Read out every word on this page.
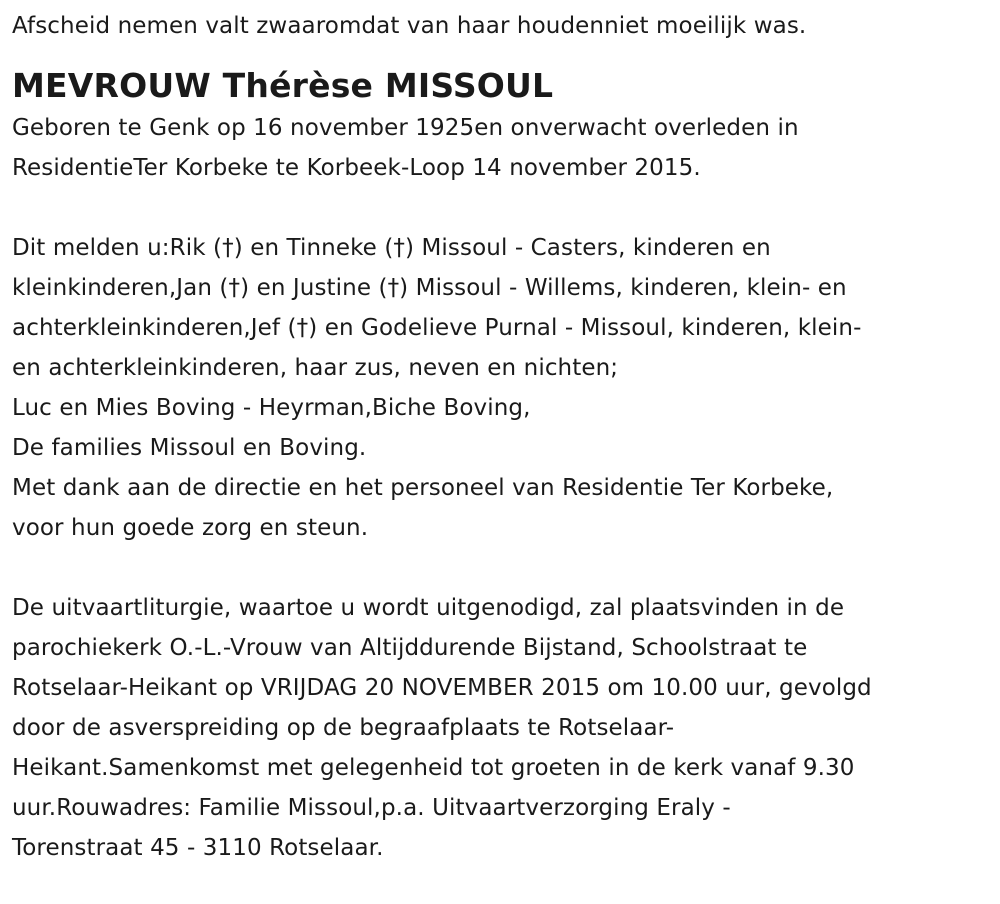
Afscheid nemen valt zwaaromdat van haar houdenniet moeilijk was.
MEVROUW Thérèse MISSOUL
Geboren te Genk op 16 november 1925en onverwacht overleden in
ResidentieTer Korbeke te Korbeek-Loop 14 november 2015.
Dit melden u:Rik (†) en Tinneke (†) Missoul - Casters, kinderen en
kleinkinderen,Jan (†) en Justine (†) Missoul - Willems, kinderen, klein- en
achterkleinkinderen,Jef (†) en Godelieve Purnal - Missoul, kinderen, klein-
en achterkleinkinderen, haar zus, neven en nichten;
Luc en Mies Boving - Heyrman,Biche Boving,
De families Missoul en Boving.
Met dank aan de directie en het personeel van Residentie Ter Korbeke,
voor hun goede zorg en steun.
De uitvaartliturgie, waartoe u wordt uitgenodigd, zal plaatsvinden in de
parochiekerk O.-L.-Vrouw van Altijddurende Bijstand, Schoolstraat te
Rotselaar-Heikant op VRIJDAG 20 NOVEMBER 2015 om 10.00 uur, gevolgd
door de asverspreiding op de begraafplaats te Rotselaar-
Heikant.Samenkomst met gelegenheid tot groeten in de kerk vanaf 9.30
uur.Rouwadres: Familie Missoul,p.a. Uitvaartverzorging Eraly -
Torenstraat 45 - 3110 Rotselaar.
